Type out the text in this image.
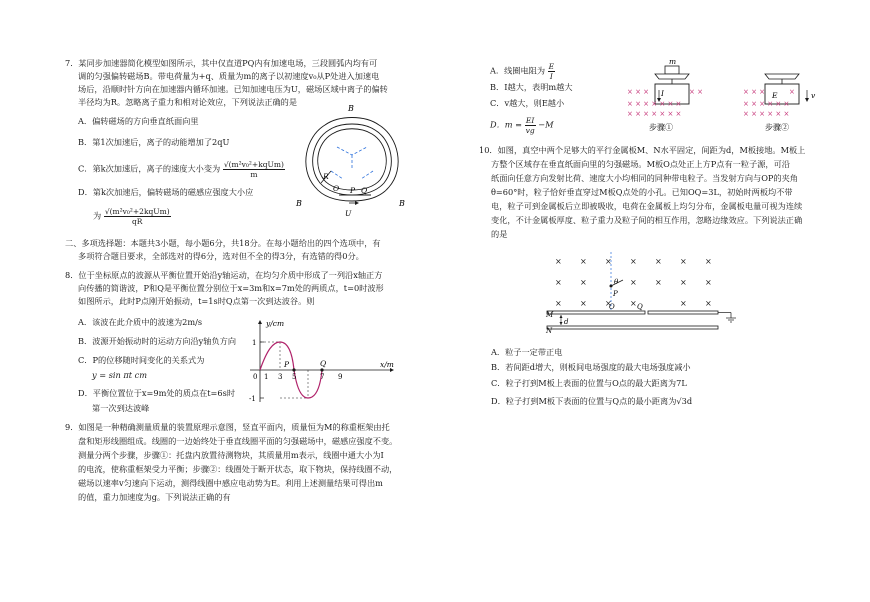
7．某同步加速器简化模型如图所示，其中仅直道PQ内有加速电场，三段圆弧内均有可
调的匀强偏转磁场B。带电荷量为+q、质量为m的离子以初速度v₀从P处进入加速电
场后，沿顺时针方向在加速器内循环加速。已知加速电压为U，磁场区域中离子的偏转
半径均为R。忽略离子重力和相对论效应，下列说法正确的是
A．偏转磁场的方向垂直纸面向里
B．第1次加速后，离子的动能增加了2qU
C．第k次加速后，离子的速度大小变为 $\frac{\text{√(m²v₀²+kqUm)}}{m}$
D．第k次加速后，偏转磁场的磁感应强度大小应
为 $\frac{\text{√(m²v₀²+2kqUm)}}{qR}$
B
B	B
R
O P Q
U
二、多项选择题：本题共3小题，每小题6分，共18分。在每小题给出的四个选项中，有
多项符合题目要求，全部选对的得6分，选对但不全的得3分，有选错的得0分。
8．位于坐标原点的波源从平衡位置开始沿y轴运动，在均匀介质中形成了一列沿x轴正方
向传播的简谐波，P和Q是平衡位置分别位于x=3m和x=7m处的两质点，t=0时波形
如图所示，此时P点刚开始振动，t=1s时Q点第一次到达波谷。则
A．该波在此介质中的波速为2m/s
B．波源开始振动时的运动方向沿y轴负方向
C．P的位移随时间变化的关系式为
y = sin πt cm
D．平衡位置位于x=9m处的质点在t=6s时
第一次到达波峰
y/cm
x/m
1
-1
0 1 3 5	7 9
P	Q
9．如图是一种精确测量质量的装置原理示意图，竖直平面内，质量恒为M的称重框架由托
盘和矩形线圈组成。线圈的一边始终处于垂直线圈平面的匀强磁场中，磁感应强度不变。
测量分两个步骤，步骤①：托盘内放置待测物块，其质量用m表示，线圈中通大小为I
的电流，使称重框架受力平衡；步骤②：线圈处于断开状态，取下物块，保持线圈不动，
磁场以速率v匀速向下运动，测得线圈中感应电动势为E。利用上述测量结果可得出m
的值，重力加速度为g。下列说法正确的有
A．线圈电阻为 $\frac{E}{I}$
B．I越大，表明m越大
C．v越大，则E越小
D．$m = \frac{EI}{vg} -M$
× × ×	× ×
× × × × × × ×
× × × × × × ×
m
I
步骤①
× × ×	×
× × × × × ×
× × × × × ×
E	v
步骤②
10．如图，真空中两个足够大的平行金属板M、N水平固定，间距为d，M板接地。M板上
方整个区域存在垂直纸面向里的匀强磁场。M板O点处正上方P点有一粒子源，可沿
纸面向任意方向发射比荷、速度大小均相同的同种带电粒子。当发射方向与OP的夹角
θ=60°时，粒子恰好垂直穿过M板Q点处的小孔。已知OQ=3L，初始时两板均不带
电，粒子可到金属板后立即被吸收，电荷在金属板上均匀分布，金属板电量可视为连续
变化，不计金属板厚度、粒子重力及粒子间的相互作用，忽略边缘效应。下列说法正确
的是
× × × × × × ×
× ×	× × × ×
× × × ×	× ×
θ
P
O	Q
M
N
d
A．粒子一定带正电
B．若间距d增大，则板间电场强度的最大电场强度减小
C．粒子打到M板上表面的位置与O点的最大距离为7L
D．粒子打到M板下表面的位置与Q点的最小距离为√3d
